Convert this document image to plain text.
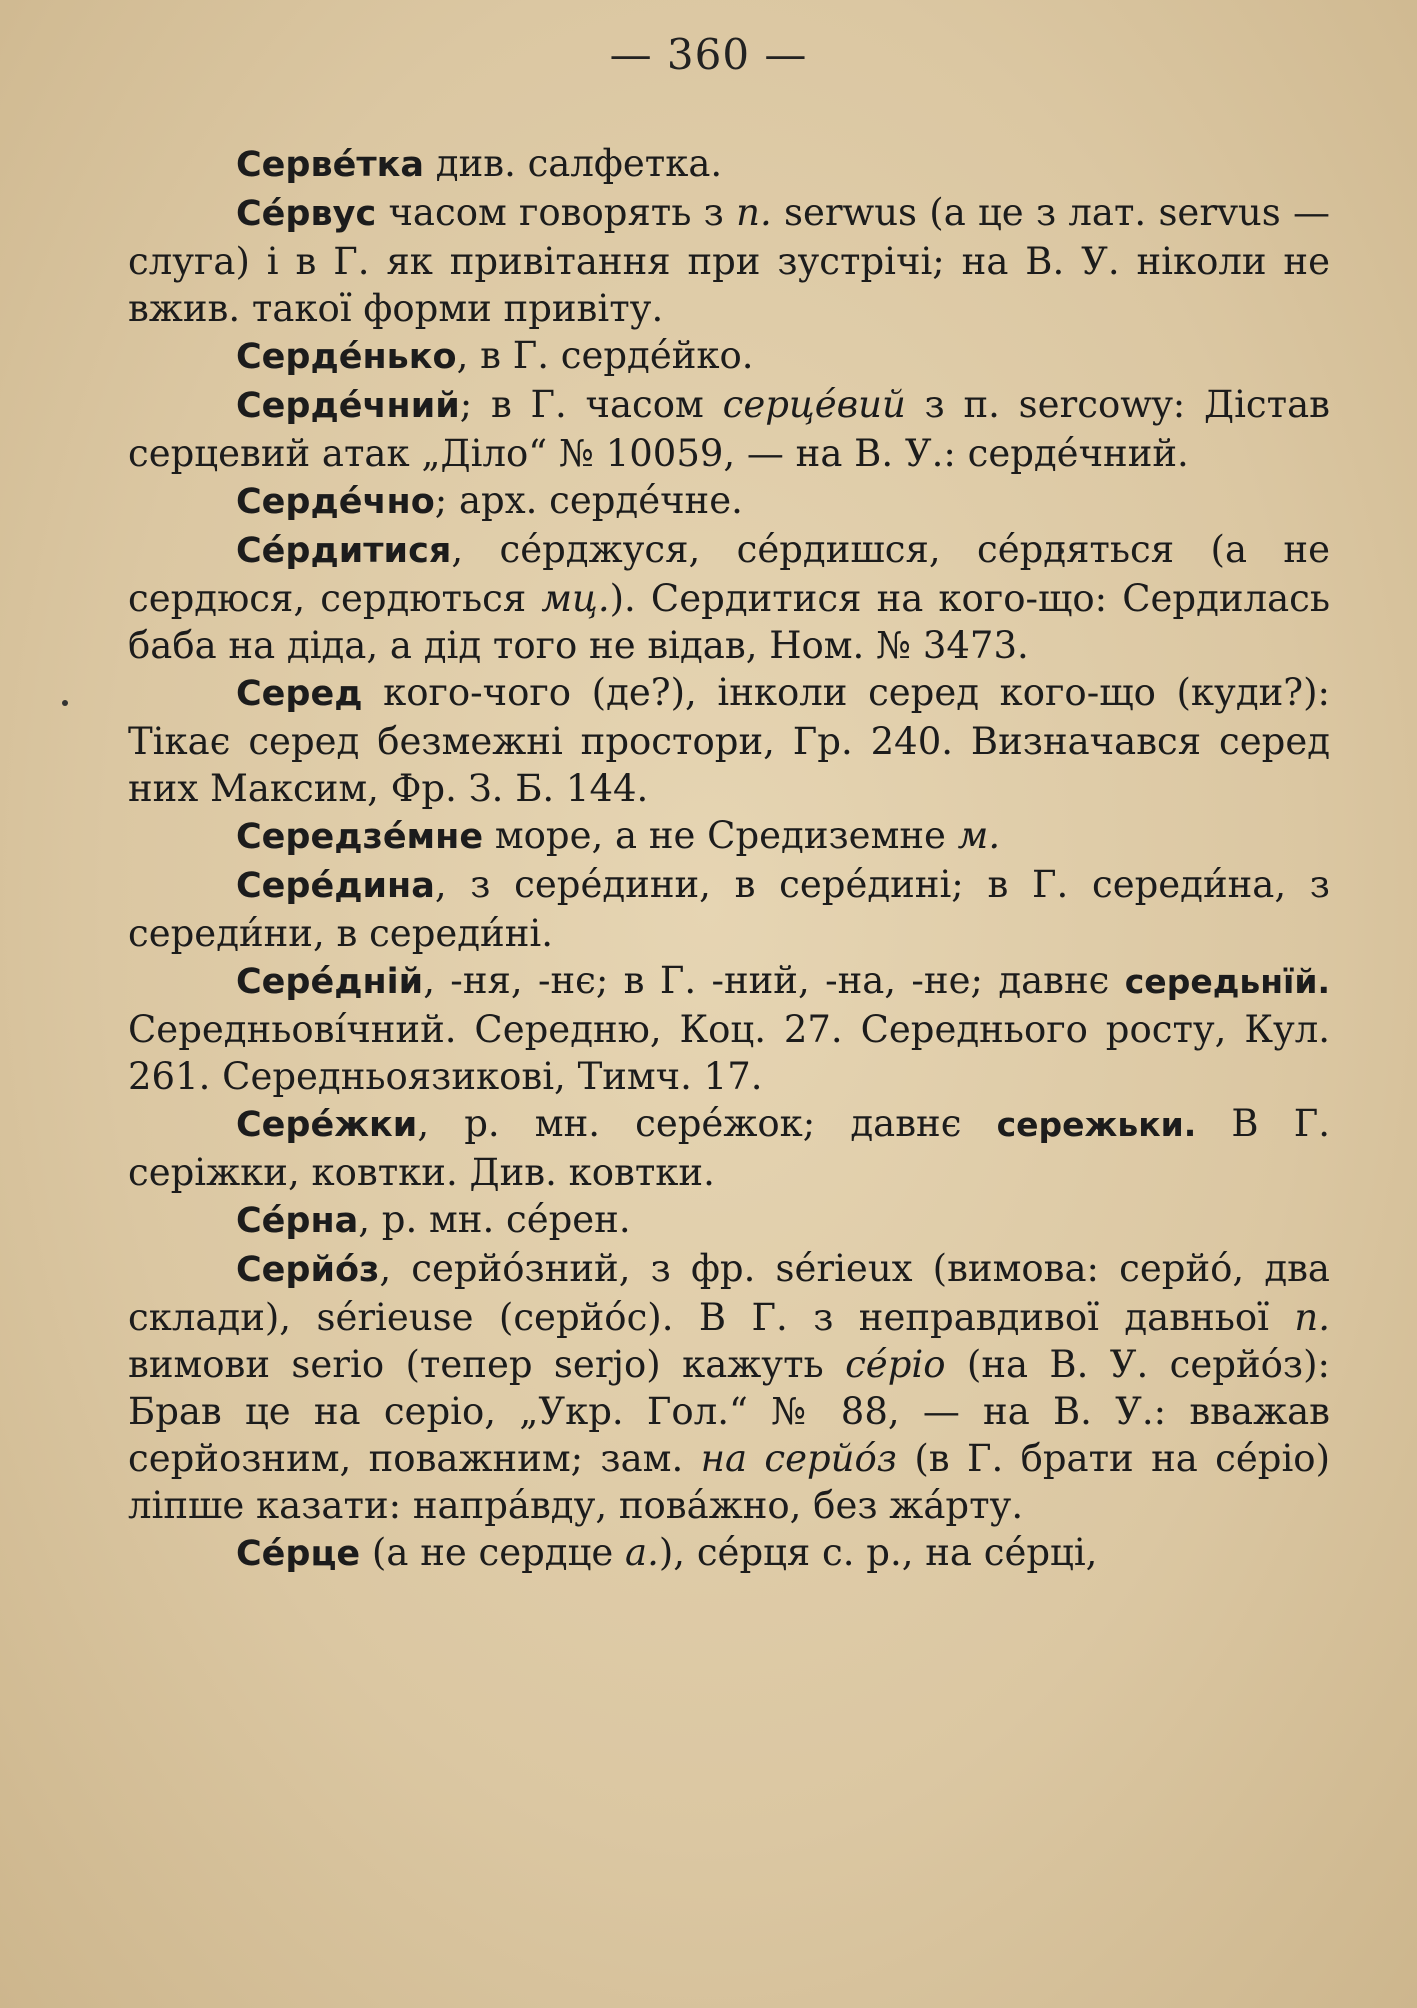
— 360 —

Серве́тка див. салфетка.

Се́рвус часом говорять з п. serwus (а це з лат. servus — слуга) і в Г. як привітання при зустрічі; на В. У. ніколи не вжив. такої форми привіту.

Серде́нько, в Г. серде́йко.

Серде́чний; в Г. часом серце́вий з п. sercowy: Дістав серцевий атак „Діло“ № 10059, — на В. У.: серде́чний.

Серде́чно; арх. серде́чне.

Се́рдитися, се́рджуся, се́рдишся, се́рдяться (а не сердюся, сердються мц.). Сердитися на кого-що: Сердилась баба на діда, а дід того не відав, Ном. № 3473.

Серед кого-чого (де?), інколи серед кого-що (куди?): Тікає серед безмежні простори, Гр. 240. Визначався серед них Максим, Фр. З. Б. 144.

Середзе́мне море, а не Средиземне м.

Сере́дина, з сере́дини, в сере́дині; в Г. середи́на, з середи́ни, в середи́ні.

Сере́дній, -ня, -нє; в Г. -ний, -на, -не; давнє середьнїй. Середньові́чний. Середню, Коц. 27. Середнього росту, Кул. 261. Середньоязикові, Тимч. 17.

Сере́жки, р. мн. сере́жок; давнє сережьки. В Г. серіжки, ковтки. Див. ковтки.

Се́рна, р. мн. се́рен.

Серйо́з, серйо́зний, з фр. sérieux (вимова: серйо́, два склади), sérieuse (серйо́с). В Г. з неправдивої давньої п. вимови serio (тепер serjo) кажуть се́ріо (на В. У. серйо́з): Брав це на серіо, „Укр. Гол.“ № 88, — на В. У.: вважав серйозним, поважним; зам. на серйо́з (в Г. брати на се́ріо) ліпше казати: напра́вду, пова́жно, без жа́рту.

Се́рце (а не сердце а.), се́рця с. р., на се́рці,
